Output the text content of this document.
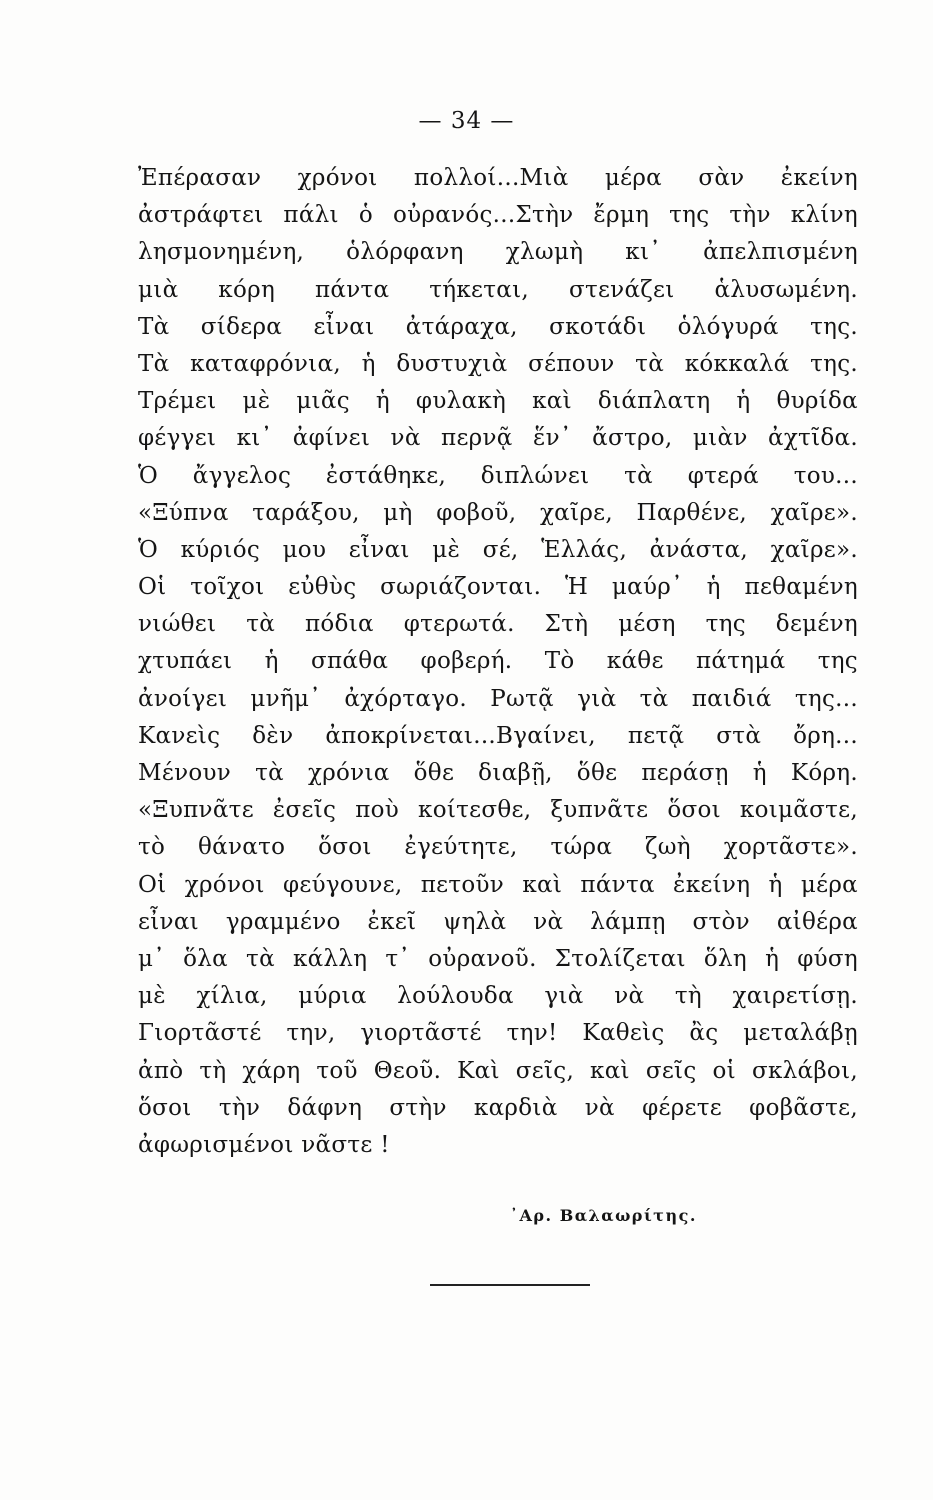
— 34 —
Ἐπέρασαν χρόνοι πολλοί...Μιὰ μέρα σὰν ἐκείνη
ἀστράφτει πάλι ὁ οὐρανός...Στὴν ἔρμη της τὴν κλίνη
λησμονημένη, ὁλόρφανη χλωμὴ κι᾽ ἀπελπισμένη
μιὰ κόρη πάντα τήκεται, στενάζει ἁλυσωμένη.
Τὰ σίδερα εἶναι ἀτάραχα, σκοτάδι ὁλόγυρά της.
Τὰ καταφρόνια, ἡ δυστυχιὰ σέπουν τὰ κόκκαλά της.
Τρέμει μὲ μιᾶς ἡ φυλακὴ καὶ διάπλατη ἡ θυρίδα
φέγγει κι᾽ ἀφίνει νὰ περνᾷ ἕν᾽ ἄστρο, μιὰν ἀχτῖδα.
Ὁ ἄγγελος ἐστάθηκε, διπλώνει τὰ φτερά του...
«Ξύπνα ταράξου, μὴ φοβοῦ, χαῖρε, Παρθένε, χαῖρε».
Ὁ κύριός μου εἶναι μὲ σέ, Ἑλλάς, ἀνάστα, χαῖρε».
Οἱ τοῖχοι εὐθὺς σωριάζονται. Ἡ μαύρ᾽ ἡ πεθαμένη
νιώθει τὰ πόδια φτερωτά. Στὴ μέση της δεμένη
χτυπάει ἡ σπάθα φοβερή. Τὸ κάθε πάτημά της
ἀνοίγει μνῆμ᾽ ἀχόρταγο. Ρωτᾷ γιὰ τὰ παιδιά της...
Κανεὶς δὲν ἀποκρίνεται...Βγαίνει, πετᾷ στὰ ὄρη...
Μένουν τὰ χρόνια ὅθε διαβῇ, ὅθε περάσῃ ἡ Κόρη.
«Ξυπνᾶτε ἐσεῖς ποὺ κοίτεσθε, ξυπνᾶτε ὅσοι κοιμᾶστε,
τὸ θάνατο ὅσοι ἐγεύτητε, τώρα ζωὴ χορτᾶστε».
Οἱ χρόνοι φεύγουνε, πετοῦν καὶ πάντα ἐκείνη ἡ μέρα
εἶναι γραμμένο ἐκεῖ ψηλὰ νὰ λάμπῃ στὸν αἰθέρα
μ᾽ ὅλα τὰ κάλλη τ᾽ οὐρανοῦ. Στολίζεται ὅλη ἡ φύση
μὲ χίλια, μύρια λούλουδα γιὰ νὰ τὴ χαιρετίσῃ.
Γιορτᾶστέ την, γιορτᾶστέ την! Καθεὶς ἂς μεταλάβῃ
ἀπὸ τὴ χάρη τοῦ Θεοῦ. Καὶ σεῖς, καὶ σεῖς οἱ σκλάβοι,
ὅσοι τὴν δάφνη στὴν καρδιὰ νὰ φέρετε φοβᾶστε,
ἀφωρισμένοι νᾶστε !
᾽Αρ. Βαλαωρίτης.
